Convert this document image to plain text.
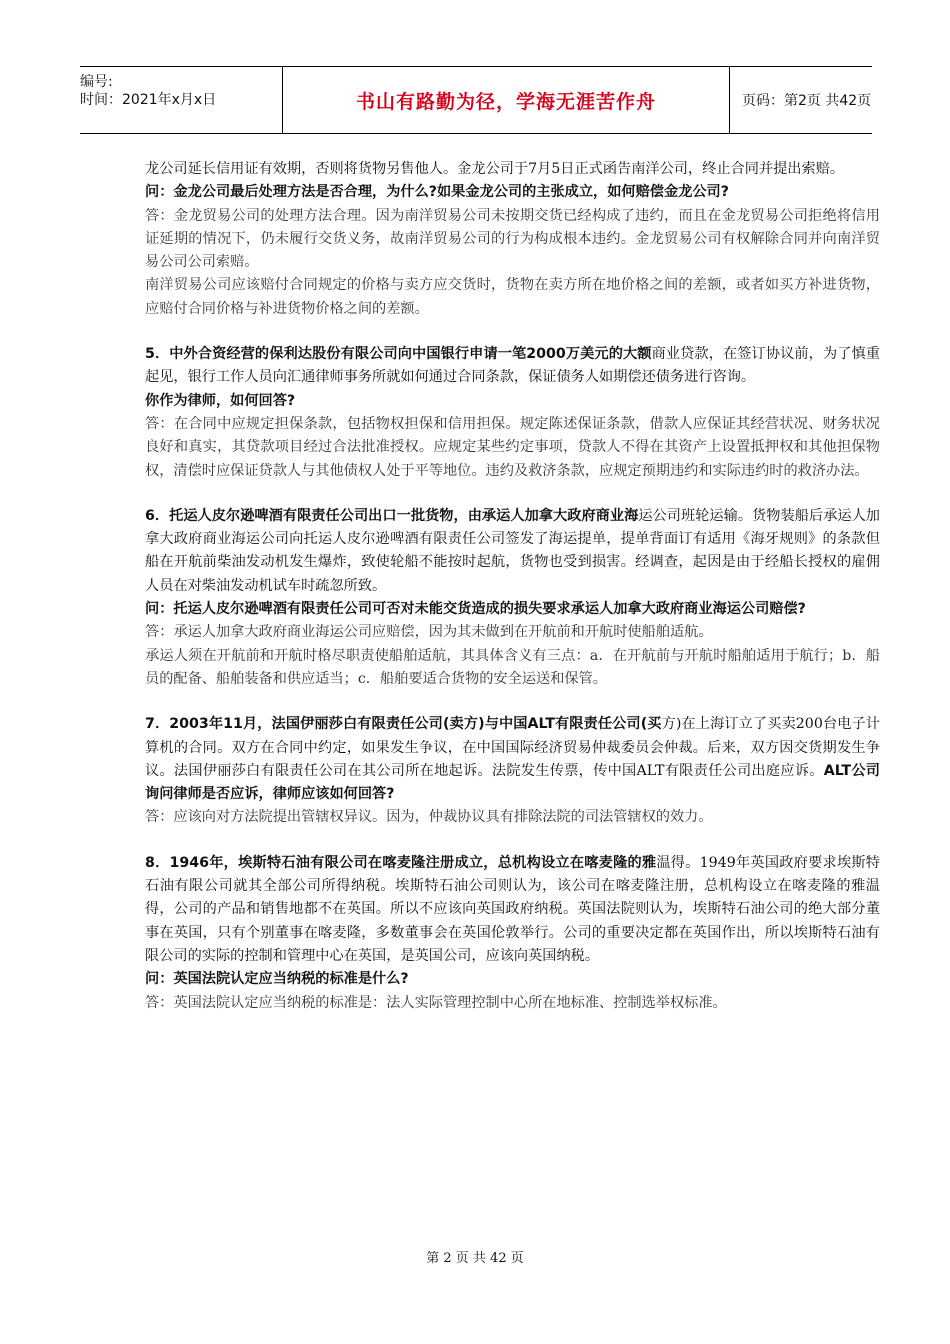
编号:
时间：2021年x月x日	书山有路勤为径，学海无涯苦作舟	页码：第2页 共42页

龙公司延长信用证有效期，否则将货物另售他人。金龙公司于7月5日正式函告南洋公司，终止合同并提出索赔。

问：金龙公司最后处理方法是否合理，为什么?如果金龙公司的主张成立，如何赔偿金龙公司?

答：金龙贸易公司的处理方法合理。因为南洋贸易公司未按期交货已经构成了违约，而且在金龙贸易公司拒绝将信用证延期的情况下，仍未履行交货义务，故南洋贸易公司的行为构成根本违约。金龙贸易公司有权解除合同并向南洋贸易公司公司索赔。

南洋贸易公司应该赔付合同规定的价格与卖方应交货时，货物在卖方所在地价格之间的差额，或者如买方补进货物，应赔付合同价格与补进货物价格之间的差额。

5．中外合资经营的保利达股份有限公司向中国银行申请一笔2000万美元的大额商业贷款，在签订协议前，为了慎重起见，银行工作人员向汇通律师事务所就如何通过合同条款，保证债务人如期偿还债务进行咨询。

你作为律师，如何回答?

答：在合同中应规定担保条款，包括物权担保和信用担保。规定陈述保证条款，借款人应保证其经营状况、财务状况良好和真实，其贷款项目经过合法批准授权。应规定某些约定事项，贷款人不得在其资产上设置抵押权和其他担保物权，清偿时应保证贷款人与其他债权人处于平等地位。违约及救济条款，应规定预期违约和实际违约时的救济办法。

6．托运人皮尔逊啤酒有限责任公司出口一批货物，由承运人加拿大政府商业海运公司班轮运输。货物装船后承运人加拿大政府商业海运公司向托运人皮尔逊啤酒有限责任公司签发了海运提单，提单背面订有适用《海牙规则》的条款但船在开航前柴油发动机发生爆炸，致使轮船不能按时起航，货物也受到损害。经调查，起因是由于经船长授权的雇佣人员在对柴油发动机试车时疏忽所致。

问：托运人皮尔逊啤酒有限责任公司可否对未能交货造成的损失要求承运人加拿大政府商业海运公司赔偿?

答：承运人加拿大政府商业海运公司应赔偿，因为其未做到在开航前和开航时使船舶适航。

承运人须在开航前和开航时格尽职责使船舶适航，其具体含义有三点：a．在开航前与开航时船舶适用于航行；b．船员的配备、船舶装备和供应适当；c．船舶要适合货物的安全运送和保管。

7．2003年11月，法国伊丽莎白有限责任公司(卖方)与中国ALT有限责任公司(买方)在上海订立了买卖200台电子计算机的合同。双方在合同中约定，如果发生争议，在中国国际经济贸易仲裁委员会仲裁。后来，双方因交货期发生争议。法国伊丽莎白有限责任公司在其公司所在地起诉。法院发生传票，传中国ALT有限责任公司出庭应诉。ALT公司询问律师是否应诉，律师应该如何回答?

答：应该向对方法院提出管辖权异议。因为，仲裁协议具有排除法院的司法管辖权的效力。

8．1946年，埃斯特石油有限公司在喀麦隆注册成立，总机构设立在喀麦隆的雅温得。1949年英国政府要求埃斯特石油有限公司就其全部公司所得纳税。埃斯特石油公司则认为，该公司在喀麦隆注册，总机构设立在喀麦隆的雅温得，公司的产品和销售地都不在英国。所以不应该向英国政府纳税。英国法院则认为，埃斯特石油公司的绝大部分董事在英国，只有个别董事在喀麦隆，多数董事会在英国伦敦举行。公司的重要决定都在英国作出，所以埃斯特石油有限公司的实际的控制和管理中心在英国，是英国公司，应该向英国纳税。

问：英国法院认定应当纳税的标准是什么?

答：英国法院认定应当纳税的标准是：法人实际管理控制中心所在地标准、控制选举权标准。

第 2 页 共 42 页
